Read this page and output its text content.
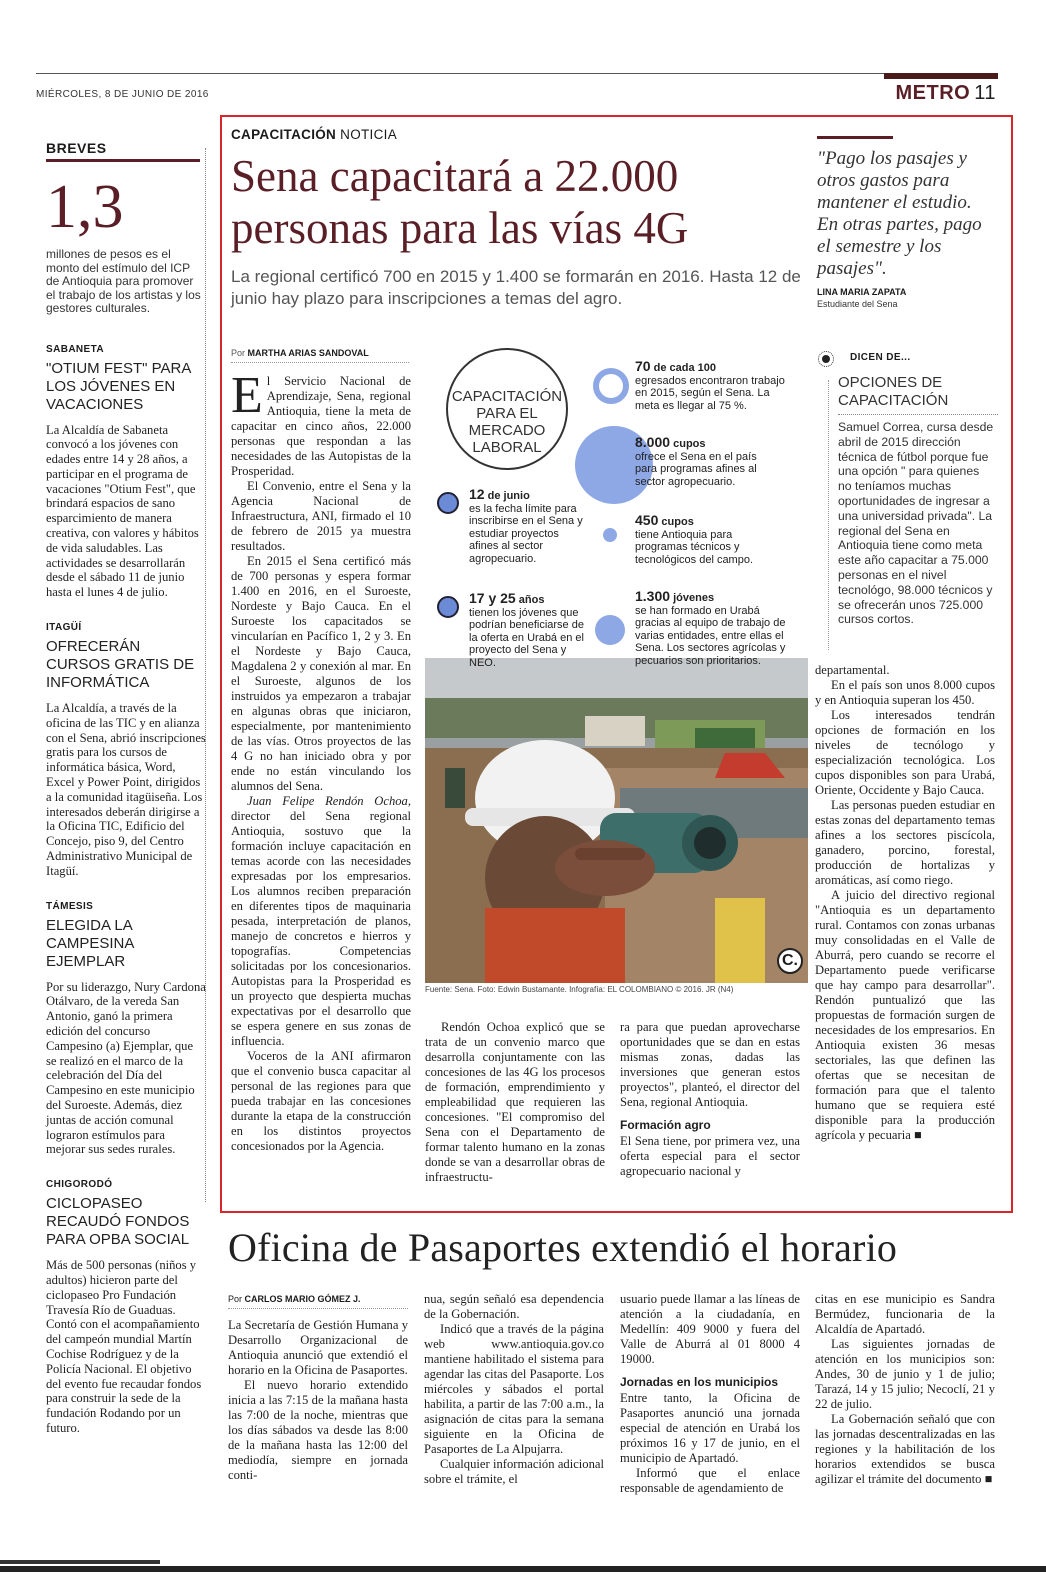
MIÉRCOLES, 8 DE JUNIO DE 2016	METRO 11
BREVES
1,3
millones de pesos es el monto del estímulo del ICP de Antioquia para promover el trabajo de los artistas y los gestores culturales.
SABANETA
"OTIUM FEST" PARA LOS JÓVENES EN VACACIONES
La Alcaldía de Sabaneta convocó a los jóvenes con edades entre 14 y 28 años, a participar en el programa de vacaciones "Otium Fest", que brindará espacios de sano esparcimiento de manera creativa, con valores y hábitos de vida saludables. Las actividades se desarrollarán desde el sábado 11 de junio hasta el lunes 4 de julio.
ITAGÜÍ
OFRECERÁN CURSOS GRATIS DE INFORMÁTICA
La Alcaldía, a través de la oficina de las TIC y en alianza con el Sena, abrió inscripciones gratis para los cursos de informática básica, Word, Excel y Power Point, dirigidos a la comunidad itagüiseña. Los interesados deberán dirigirse a la Oficina TIC, Edificio del Concejo, piso 9, del Centro Administrativo Municipal de Itagüí.
TÁMESIS
ELEGIDA LA CAMPESINA EJEMPLAR
Por su liderazgo, Nury Cardona Otálvaro, de la vereda San Antonio, ganó la primera edición del concurso Campesino (a) Ejemplar, que se realizó en el marco de la celebración del Día del Campesino en este municipio del Suroeste. Además, diez juntas de acción comunal lograron estímulos para mejorar sus sedes rurales.
CHIGORODÓ
CICLOPASEO RECAUDÓ FONDOS PARA OPBA SOCIAL
Más de 500 personas (niños y adultos) hicieron parte del ciclopaseo Pro Fundación Travesía Río de Guaduas. Contó con el acompañamiento del campeón mundial Martín Cochise Rodríguez y de la Policía Nacional. El objetivo del evento fue recaudar fondos para construir la sede de la fundación Rodando por un futuro.
CAPACITACIÓN NOTICIA
Sena capacitará a 22.000 personas para las vías 4G
La regional certificó 700 en 2015 y 1.400 se formarán en 2016. Hasta 12 de junio hay plazo para inscripciones a temas del agro.
"Pago los pasajes y otros gastos para mantener el estudio. En otras partes, pago el semestre y los pasajes".
LINA MARIA ZAPATA
Estudiante del Sena
Por MARTHA ARIAS SANDOVAL

El Servicio Nacional de Aprendizaje, Sena, regional Antioquia, tiene la meta de capacitar en cinco años, 22.000 personas que respondan a las necesidades de las Autopistas de la Prosperidad.

El Convenio, entre el Sena y la Agencia Nacional de Infraestructura, ANI, firmado el 10 de febrero de 2015 ya muestra resultados.

En 2015 el Sena certificó más de 700 personas y espera formar 1.400 en 2016, en el Suroeste, Nordeste y Bajo Cauca. En el Suroeste los capacitados se vincularían en Pacífico 1, 2 y 3. En el Nordeste y Bajo Cauca, Magdalena 2 y conexión al mar. En el Suroeste, algunos de los instruidos ya empezaron a trabajar en algunas obras que iniciaron, especialmente, por mantenimiento de las vías. Otros proyectos de las 4 G no han iniciado obra y por ende no están vinculando los alumnos del Sena.

Juan Felipe Rendón Ochoa, director del Sena regional Antioquia, sostuvo que la formación incluye capacitación en temas acorde con las necesidades expresadas por los empresarios. Los alumnos reciben preparación en diferentes tipos de maquinaria pesada, interpretación de planos, manejo de concretos e hierros y topografías. Competencias solicitadas por los concesionarios. Autopistas para la Prosperidad es un proyecto que despierta muchas expectativas por el desarrollo que se espera genere en sus zonas de influencia.

Voceros de la ANI afirmaron que el convenio busca capacitar al personal de las regiones para que pueda trabajar en las concesiones durante la etapa de la construcción en los distintos proyectos concesionados por la Agencia.

CAPACITACIÓN PARA EL MERCADO LABORAL
70 de cada 100
egresados encontraron trabajo en 2015, según el Sena. La meta es llegar al 75 %.
8.000 cupos
ofrece el Sena en el país para programas afines al sector agropecuario.
450 cupos
tiene Antioquia para programas técnicos y tecnológicos del campo.
1.300 jóvenes
se han formado en Urabá gracias al equipo de trabajo de varias entidades, entre ellas el Sena. Los sectores agrícolas y pecuarios son prioritarios.
12 de junio
es la fecha límite para inscribirse en el Sena y estudiar proyectos afines al sector agropecuario.
17 y 25 años
tienen los jóvenes que podrían beneficiarse de la oferta en Urabá en el proyecto del Sena y NEO.
C.
Fuente: Sena. Foto: Edwin Bustamante. Infografía: EL COLOMBIANO © 2016. JR (N4)
DICEN DE...
OPCIONES DE CAPACITACIÓN
Samuel Correa, cursa desde abril de 2015 dirección técnica de fútbol porque fue una opción " para quienes no teníamos muchas oportunidades de ingresar a una universidad privada". La regional del Sena en Antioquia tiene como meta este año capacitar a 75.000 personas en el nivel tecnológo, 98.000 técnicos y se ofrecerán unos 725.000 cursos cortos.

Rendón Ochoa explicó que se trata de un convenio marco que desarrolla conjuntamente con las concesiones de las 4G los procesos de formación, emprendimiento y empleabilidad que requieren las concesiones. "El compromiso del Sena con el Departamento de formar talento humano en la zonas donde se van a desarrollar obras de infraestructu-

ra para que puedan aprovecharse oportunidades que se dan en estas mismas zonas, dadas las inversiones que generan estos proyectos", planteó, el director del Sena, regional Antioquia.

Formación agro

El Sena tiene, por primera vez, una oferta especial para el sector agropecuario nacional y

departamental.

En el país son unos 8.000 cupos y en Antioquia superan los 450.

Los interesados tendrán opciones de formación en los niveles de tecnólogo y especialización tecnológica. Los cupos disponibles son para Urabá, Oriente, Occidente y Bajo Cauca.

Las personas pueden estudiar en estas zonas del departamento temas afines a los sectores piscícola, ganadero, porcino, forestal, producción de hortalizas y aromáticas, así como riego.

A juicio del directivo regional "Antioquia es un departamento rural. Contamos con zonas urbanas muy consolidadas en el Valle de Aburrá, pero cuando se recorre el Departamento puede verificarse que hay campo para desarrollar". Rendón puntualizó que las propuestas de formación surgen de necesidades de los empresarios. En Antioquia existen 36 mesas sectoriales, las que definen las ofertas que se necesitan de formación para que el talento humano que se requiera esté disponible para la producción agrícola y pecuaria ■

Oficina de Pasaportes extendió el horario
Por CARLOS MARIO GÓMEZ J.

La Secretaría de Gestión Humana y Desarrollo Organizacional de Antioquia anunció que extendió el horario en la Oficina de Pasaportes.

El nuevo horario extendido inicia a las 7:15 de la mañana hasta las 7:00 de la noche, mientras que los días sábados va desde las 8:00 de la mañana hasta las 12:00 del mediodía, siempre en jornada conti-

nua, según señaló esa dependencia de la Gobernación.

Indicó que a través de la página web www.antioquia.gov.co mantiene habilitado el sistema para agendar las citas del Pasaporte. Los miércoles y sábados el portal habilita, a partir de las 7:00 a.m., la asignación de citas para la semana siguiente en la Oficina de Pasaportes de La Alpujarra.

Cualquier información adicional sobre el trámite, el

usuario puede llamar a las líneas de atención a la ciudadanía, en Medellín: 409 9000 y fuera del Valle de Aburrá al 01 8000 4 19000.

Jornadas en los municipios

Entre tanto, la Oficina de Pasaportes anunció una jornada especial de atención en Urabá los próximos 16 y 17 de junio, en el municipio de Apartadó.

Informó que el enlace responsable de agendamiento de

citas en ese municipio es Sandra Bermúdez, funcionaria de la Alcaldía de Apartadó.

Las siguientes jornadas de atención en los municipios son: Andes, 30 de junio y 1 de julio; Tarazá, 14 y 15 julio; Necoclí, 21 y 22 de julio.

La Gobernación señaló que con las jornadas descentralizadas en las regiones y la habilitación de los horarios extendidos se busca agilizar el trámite del documento ■
